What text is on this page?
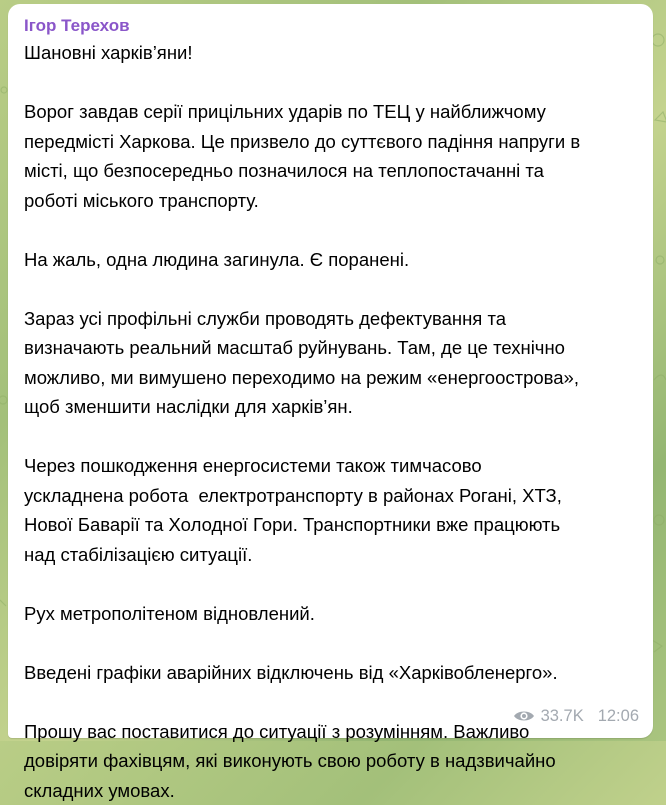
Ігор Терехов

Шановні харків’яни!

Ворог завдав серії прицільних ударів по ТЕЦ у найближчому
передмісті Харкова. Це призвело до суттєвого падіння напруги в
місті, що безпосередньо позначилося на теплопостачанні та
роботі міського транспорту.

На жаль, одна людина загинула. Є поранені.

Зараз усі профільні служби проводять дефектування та
визначають реальний масштаб руйнувань. Там, де це технічно
можливо, ми вимушено переходимо на режим «енергоострова»,
щоб зменшити наслідки для харків’ян.

Через пошкодження енергосистеми також тимчасово
ускладнена робота  електротранспорту в районах Рогані, ХТЗ,
Нової Баварії та Холодної Гори. Транспортники вже працюють
над стабілізацією ситуації.

Рух метрополітеном відновлений.

Введені графіки аварійних відключень від «Харківобленерго».

Прошу вас поставитися до ситуації з розумінням. Важливо
довіряти фахівцям, які виконують свою роботу в надзвичайно
складних умовах.

33.7K 12:06
